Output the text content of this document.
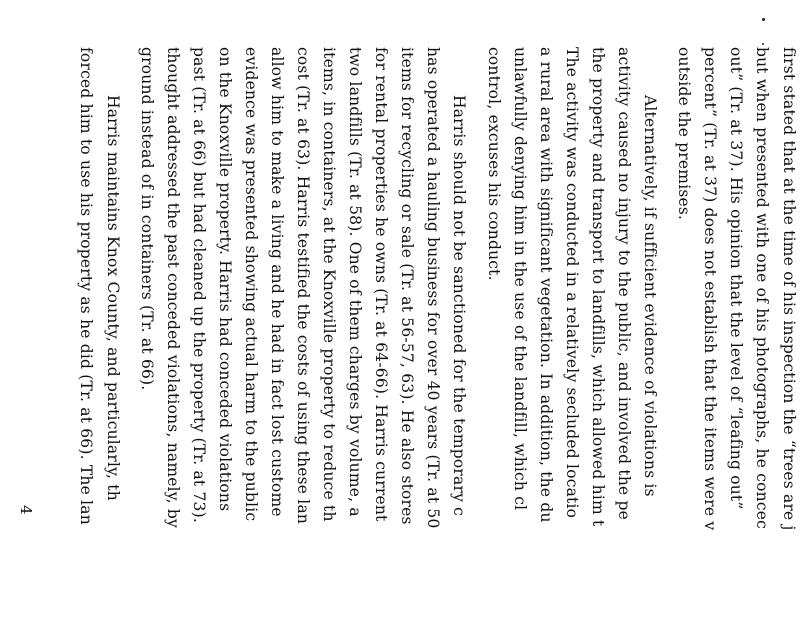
first stated that at the time of his inspection the “trees are j
but when presented with one of his photographs, he concec
out” (Tr. at 37). His opinion that the level of “leafing out”
percent” (Tr. at 37) does not establish that the items were v
outside the premises.
Alternatively, if sufficient evidence of violations is
activity caused no injury to the public, and involved the pe
the property and transport to landfills, which allowed him t
The activity was conducted in a relatively secluded locatio
a rural area with significant vegetation. In addition, the du
unlawfully denying him in the use of the landfill, which cl
control, excuses his conduct.
Harris should not be sanctioned for the temporary c
has operated a hauling business for over 40 years (Tr. at 50
items for recycling or sale (Tr. at 56-57, 63). He also stores
for rental properties he owns (Tr. at 64-66). Harris current
two landfills (Tr. at 58). One of them charges by volume, a
items, in containers, at the Knoxville property to reduce th
cost (Tr. at 63). Harris testified the costs of using these lan
allow him to make a living and he had in fact lost custome
evidence was presented showing actual harm to the public
on the Knoxville property. Harris had conceded violations
past (Tr. at 66) but had cleaned up the property (Tr. at 73).
thought addressed the past conceded violations, namely, by
ground instead of in containers (Tr. at 66).
Harris maintains Knox County, and particularly, th
forced him to use his property as he did (Tr. at 66). The lan
4
